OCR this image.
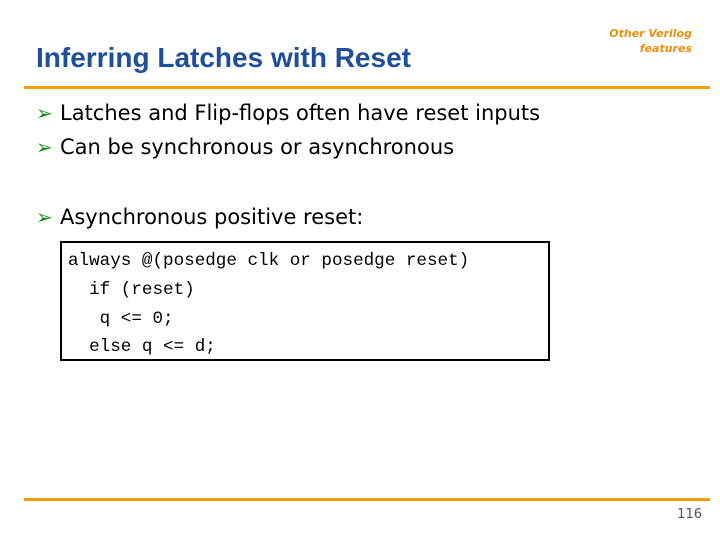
Inferring Latches with Reset
Other Verilog
features
➢ Latches and Flip-flops often have reset inputs
➢ Can be synchronous or asynchronous
➢ Asynchronous positive reset:
always @(posedge clk or posedge reset)
if (reset)
q <= 0;
else q <= d;
116
